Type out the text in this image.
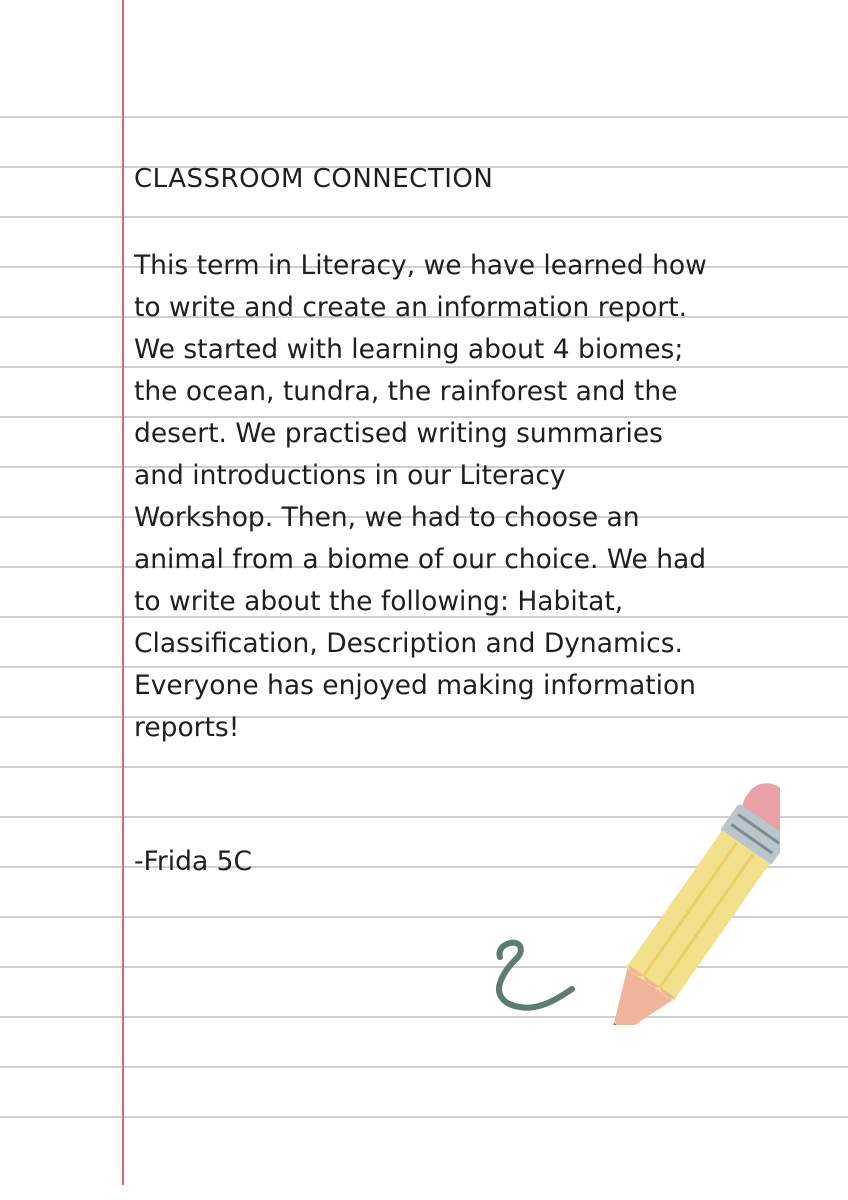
CLASSROOM CONNECTION
This term in Literacy, we have learned how
to write and create an information report.
We started with learning about 4 biomes;
the ocean, tundra, the rainforest and the
desert. We practised writing summaries
and introductions in our Literacy
Workshop. Then, we had to choose an
animal from a biome of our choice. We had
to write about the following: Habitat,
Classification, Description and Dynamics.
Everyone has enjoyed making information
reports!
-Frida 5C
